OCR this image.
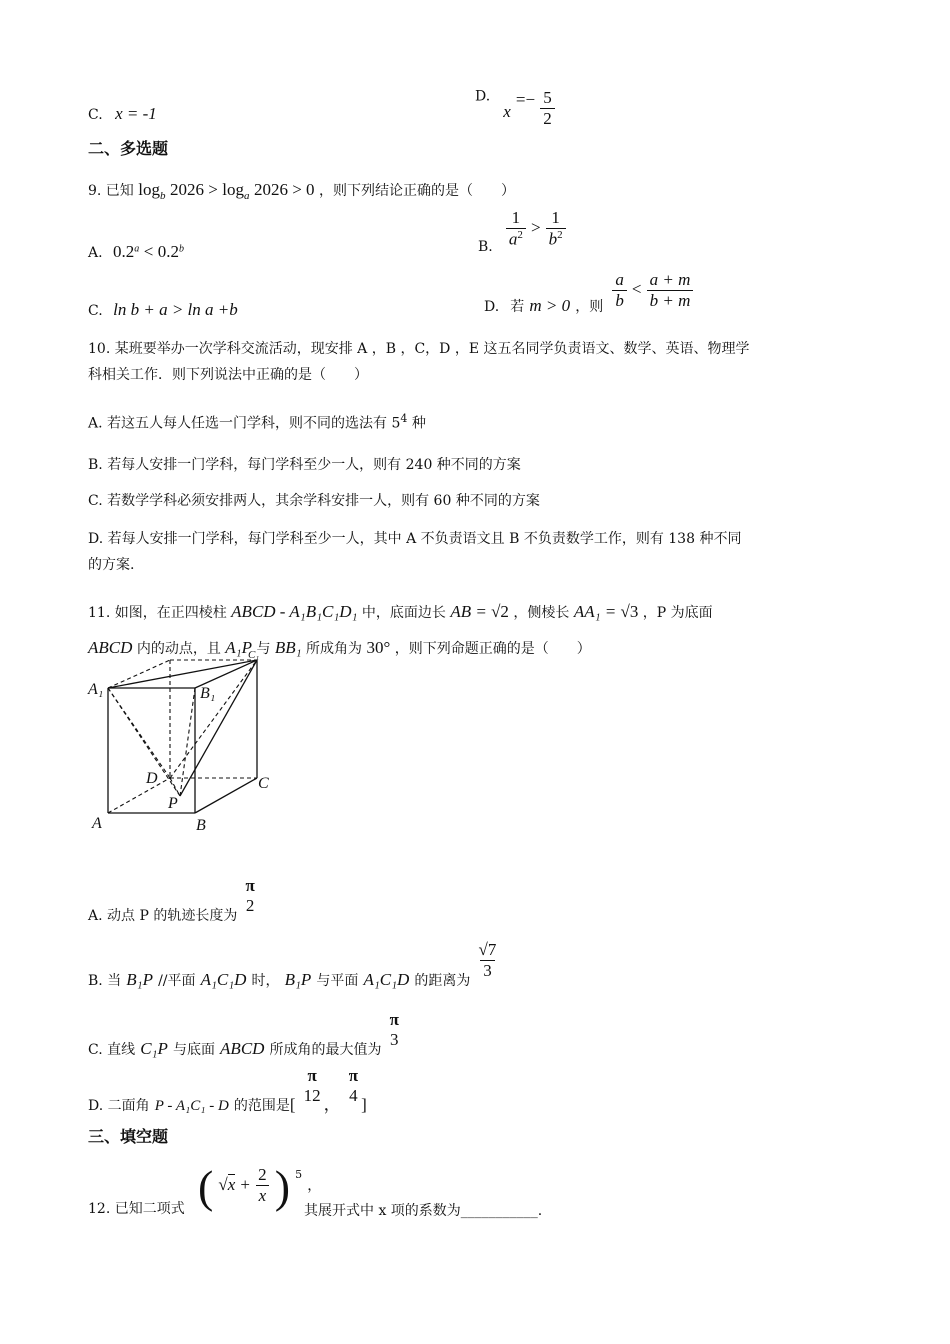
C. x = -1
D. $x =- \frac{5}{2}$
二、多选题
9. 已知 $\log_b 2026 > \log_a 2026 > 0$ ，则下列结论正确的是（　　）
A. 0.2$^a$ < 0.2$^b$	B. $\frac{1}{a^2} > \frac{1}{b^2}$
C. ln b + a > ln a +b	D. 若 m > 0 ，则 $\frac{a}{b} < \frac{a + m}{b + m}$
10. 某班要举办一次学科交流活动，现安排 A ，B ，C，D ，E 这五名同学负责语文、数学、英语、物理学
科相关工作．则下列说法中正确的是（　　）
A. 若这五人每人任选一门学科，则不同的选法有 $5^4$ 种
B. 若每人安排一门学科，每门学科至少一人，则有 240 种不同的方案
C. 若数学学科必须安排两人，其余学科安排一人，则有 60 种不同的方案
D. 若每人安排一门学科，每门学科至少一人，其中 A 不负责语文且 B 不负责数学工作，则有 138 种不同
的方案.
11. 如图，在正四棱柱 ABCD - A₁B₁C₁D₁ 中，底面边长 AB = √2 ，侧棱长 AA₁ = √3 ，P 为底面
ABCD 内的动点，且 A₁P 与 BB₁ 所成角为 30° ，则下列命题正确的是（　　）
A₁	B₁
C₁
D	C
P
A	B
A. 动点 P 的轨迹长度为
π
2
B. 当 B₁P //平面 A₁C₁D 时， B₁P 与平面 A₁C₁D 的距离为
$\frac{√7}{3}$
C. 直线 C₁P 与底面 ABCD 所成角的最大值为
π
3
D. 二面角 P - A₁C₁ - D 的范围是[
π
12 ，
π
4 ]
三、填空题
12. 已知二项式 ( $√x + \frac{2}{x}$ ) $^5$ ，
其展开式中 x 项的系数为___________.
